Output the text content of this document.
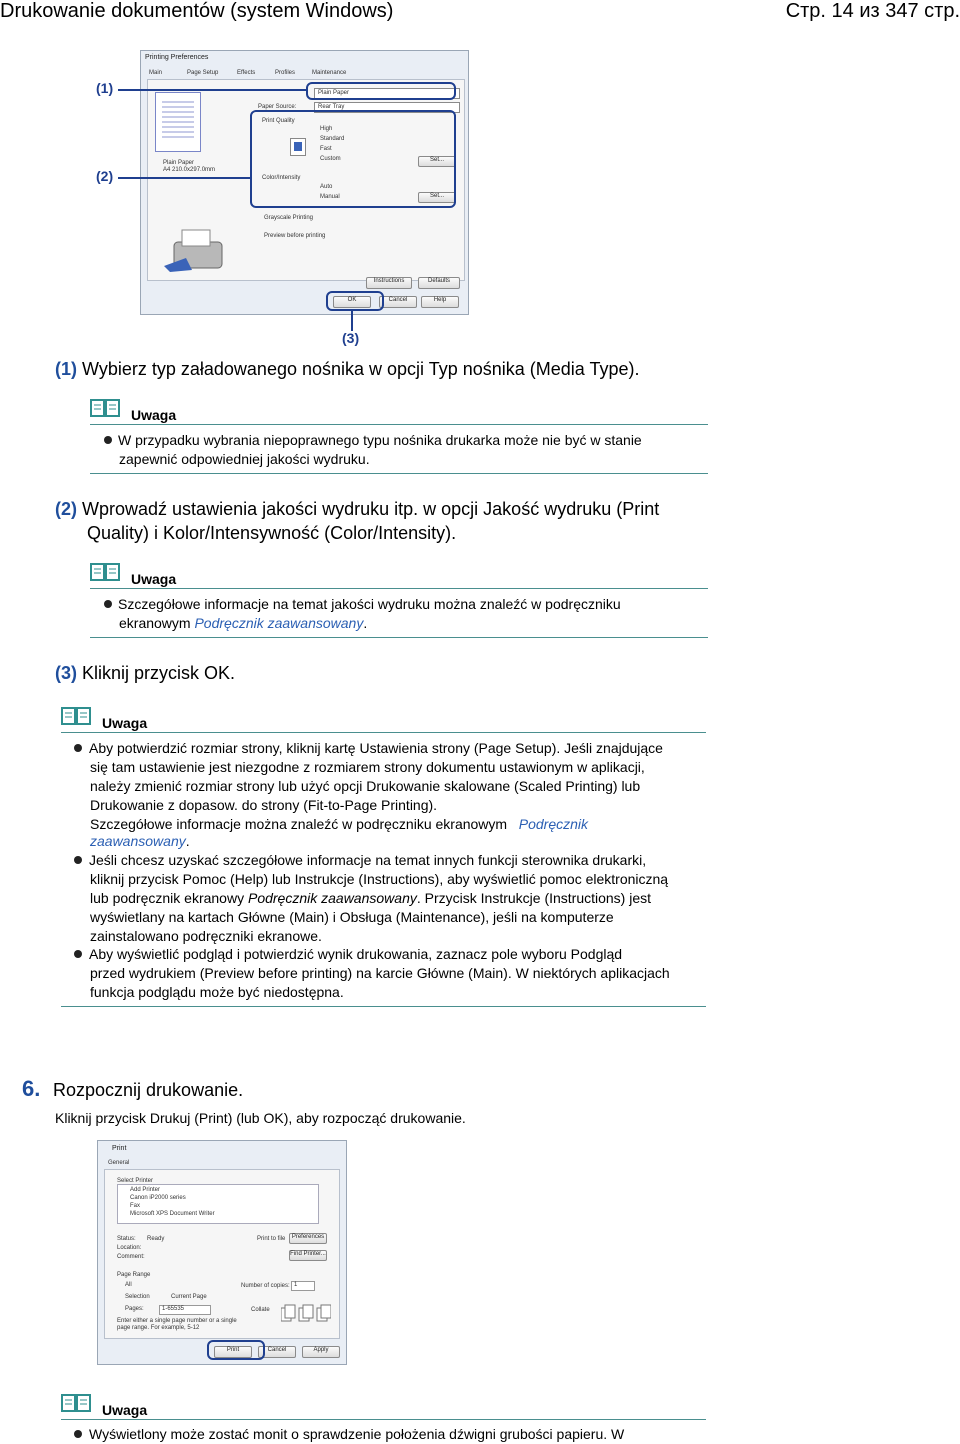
Drukowanie dokumentów (system Windows)	Стр. 14 из 347 стр.
Printing Preferences
Main	Page Setup	Effects	Profiles	Maintenance
Plain Paper
A4 210.0x297.0mm
Plain Paper
Paper Source:	Rear Tray
Print Quality
High
Standard
Fast
Custom	Set...
Color/Intensity
Auto
Manual	Set...
Grayscale Printing
Preview before printing
Instructions	Defaults
OK	Cancel	Help
(1)
(2)
(3)
(1) Wybierz typ załadowanego nośnika w opcji Typ nośnika (Media Type).
Uwaga
W przypadku wybrania niepoprawnego typu nośnika drukarka może nie być w stanie
zapewnić odpowiedniej jakości wydruku.
(2) Wprowadź ustawienia jakości wydruku itp. w opcji Jakość wydruku (Print
Quality) i Kolor/Intensywność (Color/Intensity).
Uwaga
Szczegółowe informacje na temat jakości wydruku można znaleźć w podręczniku
ekranowym Podręcznik zaawansowany.
(3) Kliknij przycisk OK.
Uwaga
Aby potwierdzić rozmiar strony, kliknij kartę Ustawienia strony (Page Setup). Jeśli znajdujące
się tam ustawienie jest niezgodne z rozmiarem strony dokumentu ustawionym w aplikacji,
należy zmienić rozmiar strony lub użyć opcji Drukowanie skalowane (Scaled Printing) lub
Drukowanie z dopasow. do strony (Fit-to-Page Printing).
Szczegółowe informacje można znaleźć w podręczniku ekranowym Podręcznik
zaawansowany.
Jeśli chcesz uzyskać szczegółowe informacje na temat innych funkcji sterownika drukarki,
kliknij przycisk Pomoc (Help) lub Instrukcje (Instructions), aby wyświetlić pomoc elektroniczną
lub podręcznik ekranowy Podręcznik zaawansowany. Przycisk Instrukcje (Instructions) jest
wyświetlany na kartach Główne (Main) i Obsługa (Maintenance), jeśli na komputerze
zainstalowano podręczniki ekranowe.
Aby wyświetlić podgląd i potwierdzić wynik drukowania, zaznacz pole wyboru Podgląd
przed wydrukiem (Preview before printing) na karcie Główne (Main). W niektórych aplikacjach
funkcja podglądu może być niedostępna.
6. Rozpocznij drukowanie.
Kliknij przycisk Drukuj (Print) (lub OK), aby rozpocząć drukowanie.
Print
General
Select Printer
Add Printer
Canon iP2000 series
Fax
Microsoft XPS Document Writer
Status: Ready
Location:
Comment:
Print to file	Preferences
Find Printer...
Page Range
All
Selection	Current Page
Pages:	1-65535
Enter either a single page number or a single
page range. For example, 5-12
Number of copies: 1
Collate
Print	Cancel	Apply
Uwaga
Wyświetlony może zostać monit o sprawdzenie położenia dźwigni grubości papieru. W
